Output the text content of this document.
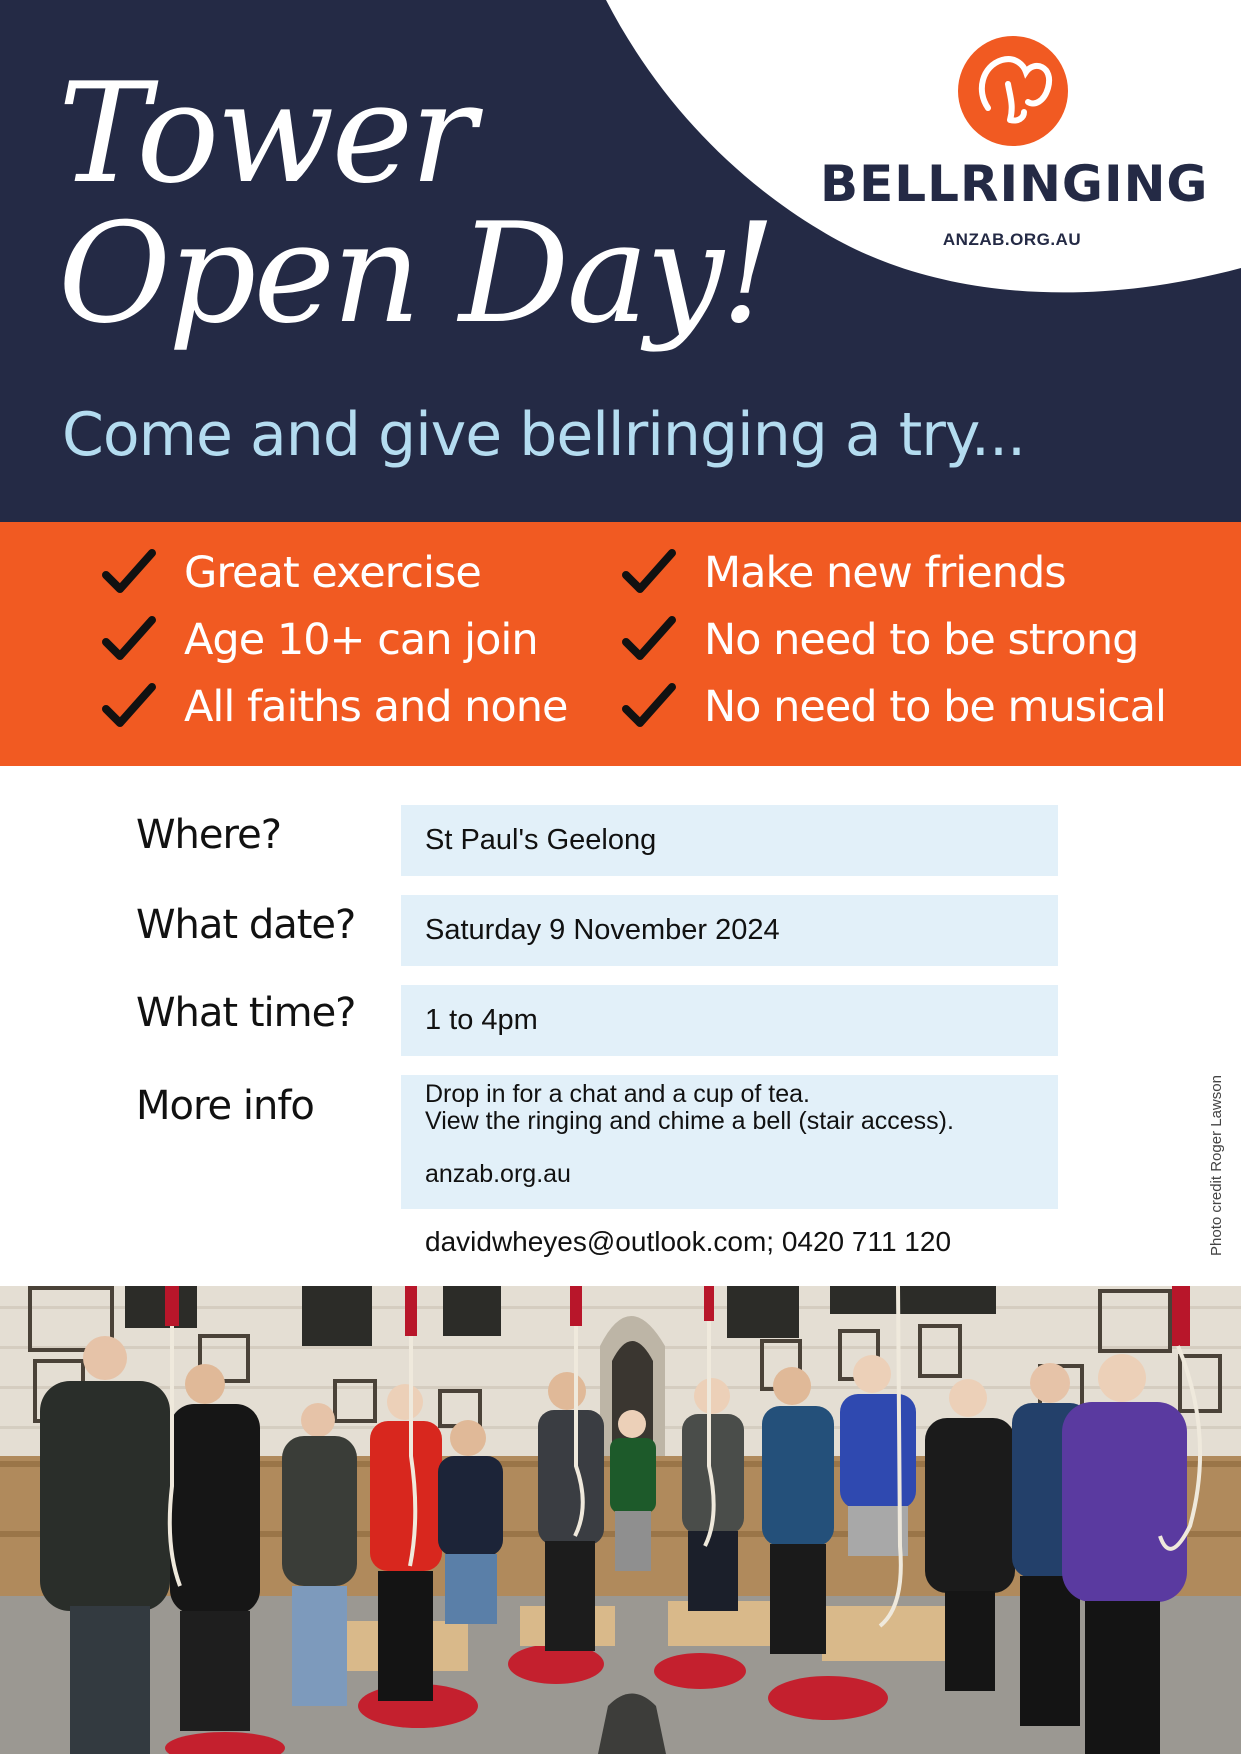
Tower
Open Day!

Come and give bellringing a try...

BELLRINGING
ANZAB.ORG.AU
Great exercise
Age 10+ can join
All faiths and none
Make new friends
No need to be strong
No need to be musical
Where?	St Paul's Geelong
What date?	Saturday 9 November 2024
What time?	1 to 4pm
More info	Drop in for a chat and a cup of tea.
View the ringing and chime a bell (stair access).
anzab.org.au
davidwheyes@outlook.com; 0420 711 120	Photo credit Roger Lawson
